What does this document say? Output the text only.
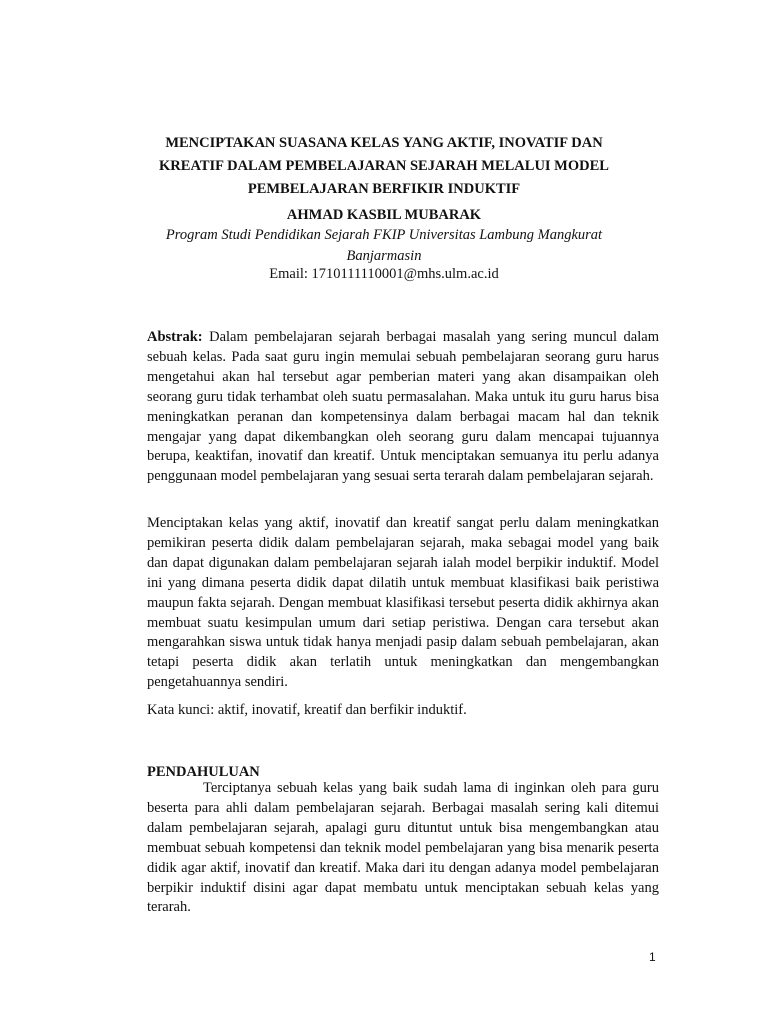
MENCIPTAKAN SUASANA KELAS YANG AKTIF, INOVATIF DAN KREATIF DALAM PEMBELAJARAN SEJARAH MELALUI MODEL PEMBELAJARAN BERFIKIR INDUKTIF
AHMAD KASBIL MUBARAK
Program Studi Pendidikan Sejarah FKIP Universitas Lambung Mangkurat Banjarmasin
Email: 1710111110001@mhs.ulm.ac.id

Abstrak: Dalam pembelajaran sejarah berbagai masalah yang sering muncul dalam sebuah kelas. Pada saat guru ingin memulai sebuah pembelajaran seorang guru harus mengetahui akan hal tersebut agar pemberian materi yang akan disampaikan oleh seorang guru tidak terhambat oleh suatu permasalahan. Maka untuk itu guru harus bisa meningkatkan peranan dan kompetensinya dalam berbagai macam hal dan teknik mengajar yang dapat dikembangkan oleh seorang guru dalam mencapai tujuannya berupa, keaktifan, inovatif dan kreatif. Untuk menciptakan semuanya itu perlu adanya penggunaan model pembelajaran yang sesuai serta terarah dalam pembelajaran sejarah.

Menciptakan kelas yang aktif, inovatif dan kreatif sangat perlu dalam meningkatkan pemikiran peserta didik dalam pembelajaran sejarah, maka sebagai model yang baik dan dapat digunakan dalam pembelajaran sejarah ialah model berpikir induktif. Model ini yang dimana peserta didik dapat dilatih untuk membuat klasifikasi baik peristiwa maupun fakta sejarah. Dengan membuat klasifikasi tersebut peserta didik akhirnya akan membuat suatu kesimpulan umum dari setiap peristiwa. Dengan cara tersebut akan mengarahkan siswa untuk tidak hanya menjadi pasip dalam sebuah pembelajaran, akan tetapi peserta didik akan terlatih untuk meningkatkan dan mengembangkan pengetahuannya sendiri.

Kata kunci: aktif, inovatif, kreatif dan berfikir induktif.

PENDAHULUAN

Terciptanya sebuah kelas yang baik sudah lama di inginkan oleh para guru beserta para ahli dalam pembelajaran sejarah. Berbagai masalah sering kali ditemui dalam pembelajaran sejarah, apalagi guru dituntut untuk bisa mengembangkan atau membuat sebuah kompetensi dan teknik model pembelajaran yang bisa menarik peserta didik agar aktif, inovatif dan kreatif. Maka dari itu dengan adanya model pembelajaran berpikir induktif disini agar dapat membatu untuk menciptakan sebuah kelas yang terarah.

1
